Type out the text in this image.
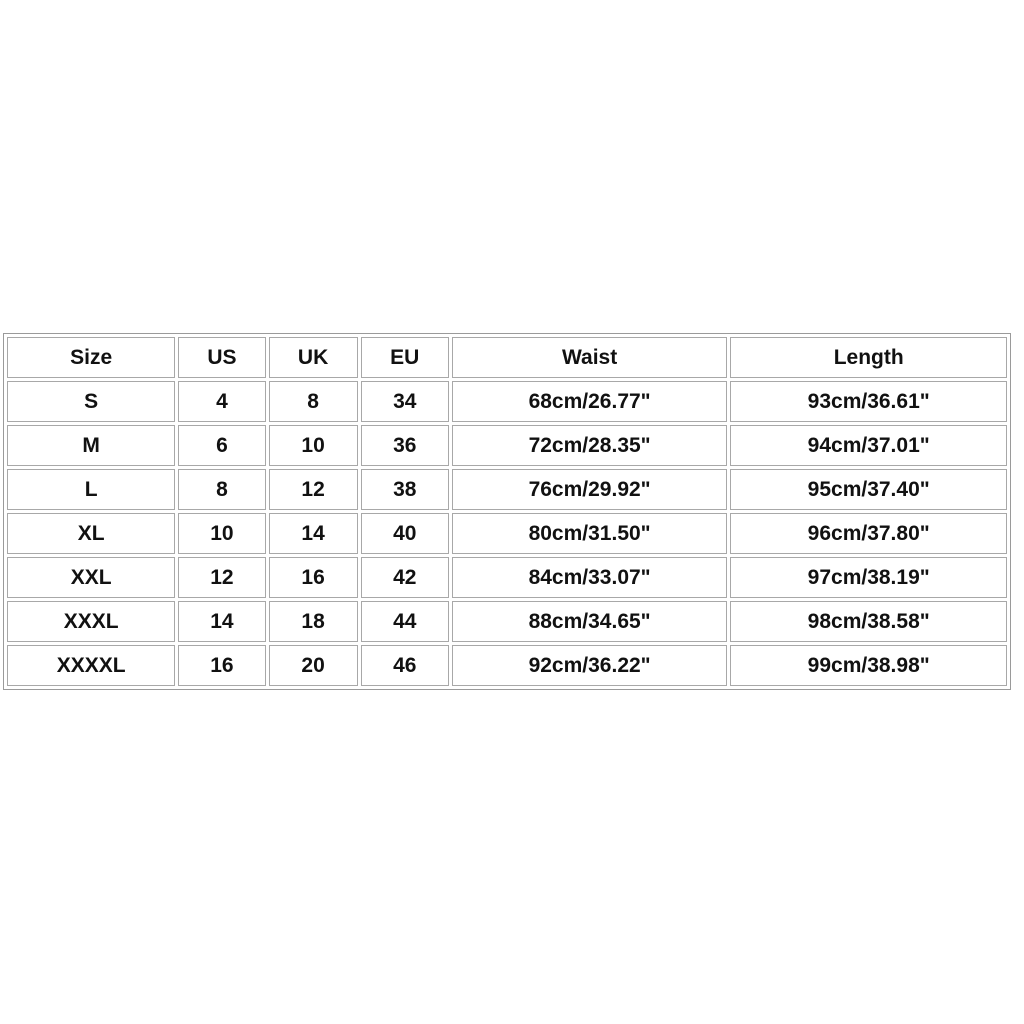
Size	US	UK	EU	Waist	Length
S	4	8	34	68cm/26.77"	93cm/36.61"
M	6	10	36	72cm/28.35"	94cm/37.01"
L	8	12	38	76cm/29.92"	95cm/37.40"
XL	10	14	40	80cm/31.50"	96cm/37.80"
XXL	12	16	42	84cm/33.07"	97cm/38.19"
XXXL	14	18	44	88cm/34.65"	98cm/38.58"
XXXXL	16	20	46	92cm/36.22"	99cm/38.98"
